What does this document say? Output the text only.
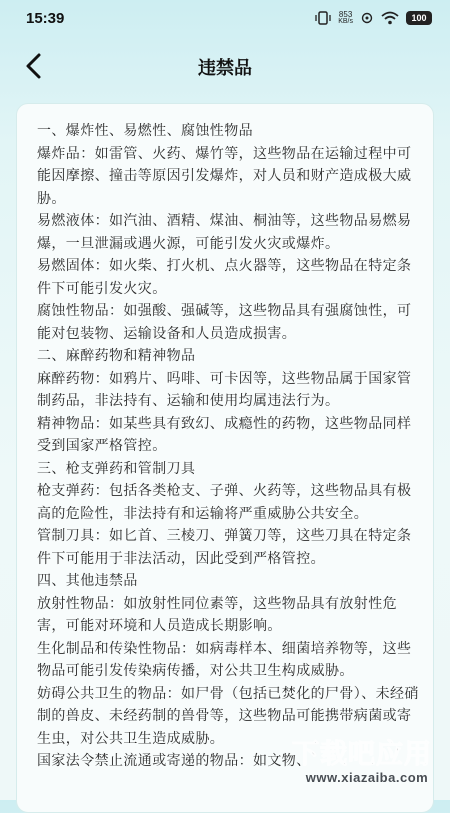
15:39	853
KB/s	100
违禁品

一、爆炸性、易燃性、腐蚀性物品
爆炸品：如雷管、火药、爆竹等，这些物品在运输过程中可能因摩擦、撞击等原因引发爆炸，对人员和财产造成极大威胁。
易燃液体：如汽油、酒精、煤油、桐油等，这些物品易燃易爆，一旦泄漏或遇火源，可能引发火灾或爆炸。
易燃固体：如火柴、打火机、点火器等，这些物品在特定条件下可能引发火灾。
腐蚀性物品：如强酸、强碱等，这些物品具有强腐蚀性，可能对包装物、运输设备和人员造成损害。
二、麻醉药物和精神物品
麻醉药物：如鸦片、吗啡、可卡因等，这些物品属于国家管制药品，非法持有、运输和使用均属违法行为。
精神物品：如某些具有致幻、成瘾性的药物，这些物品同样受到国家严格管控。
三、枪支弹药和管制刀具
枪支弹药：包括各类枪支、子弹、火药等，这些物品具有极高的危险性，非法持有和运输将严重威胁公共安全。
管制刀具：如匕首、三棱刀、弹簧刀等，这些刀具在特定条件下可能用于非法活动，因此受到严格管控。
四、其他违禁品
放射性物品：如放射性同位素等，这些物品具有放射性危害，可能对环境和人员造成长期影响。
生化制品和传染性物品：如病毒样本、细菌培养物等，这些物品可能引发传染病传播，对公共卫生构成威胁。
妨碍公共卫生的物品：如尸骨（包括已焚化的尸骨）、未经硝制的兽皮、未经药制的兽骨等，这些物品可能携带病菌或寄生虫，对公共卫生造成威胁。
国家法令禁止流通或寄递的物品：如文物、

下载吧应用
www.xiazaiba.com
